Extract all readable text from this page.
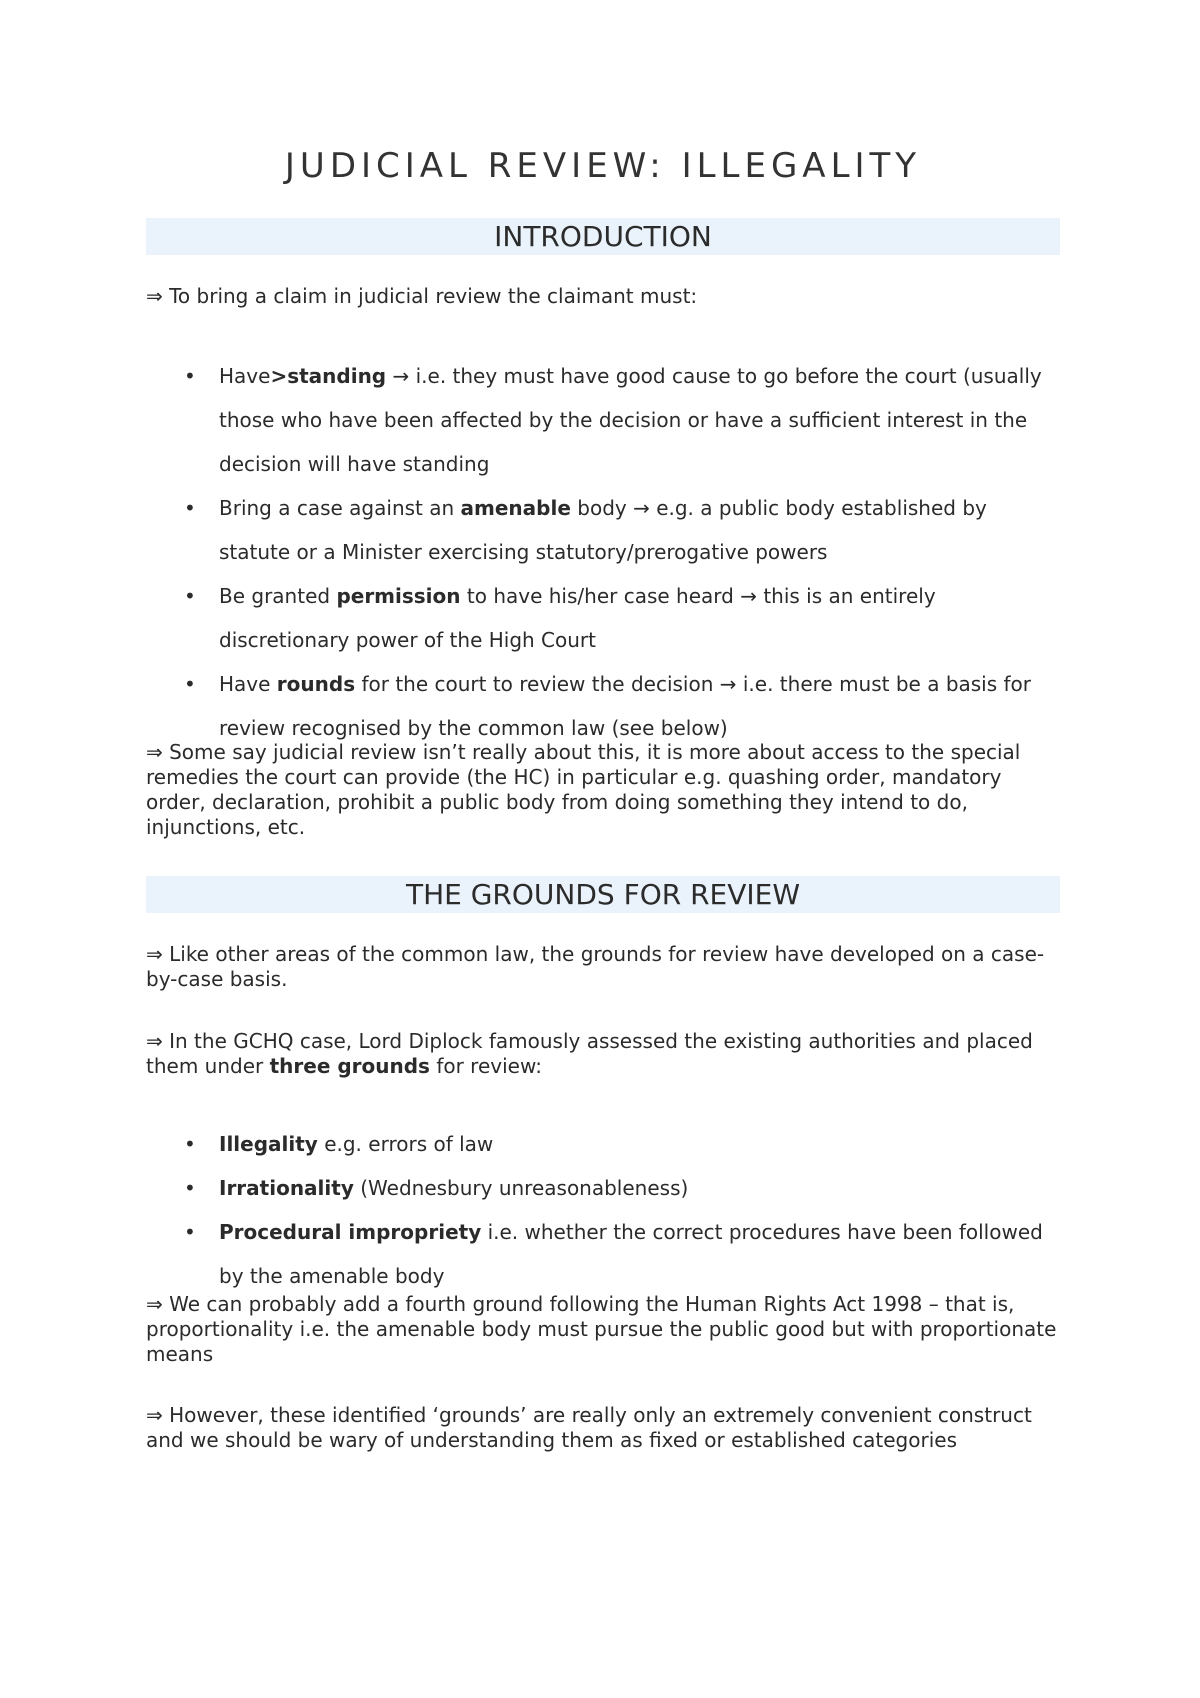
JUDICIAL REVIEW: ILLEGALITY
INTRODUCTION

⇒ To bring a claim in judicial review the claimant must:

• Have>standing → i.e. they must have good cause to go before the court (usually those who have been affected by the decision or have a sufficient interest in the decision will have standing
• Bring a case against an amenable body → e.g. a public body established by statute or a Minister exercising statutory/prerogative powers
• Be granted permission to have his/her case heard → this is an entirely discretionary power of the High Court
• Have rounds for the court to review the decision → i.e. there must be a basis for review recognised by the common law (see below)

⇒ Some say judicial review isn’t really about this, it is more about access to the special remedies the court can provide (the HC) in particular e.g. quashing order, mandatory order, declaration, prohibit a public body from doing something they intend to do, injunctions, etc.

THE GROUNDS FOR REVIEW

⇒ Like other areas of the common law, the grounds for review have developed on a case-by-case basis.

⇒ In the GCHQ case, Lord Diplock famously assessed the existing authorities and placed them under three grounds for review:

• Illegality e.g. errors of law
• Irrationality (Wednesbury unreasonableness)
• Procedural impropriety i.e. whether the correct procedures have been followed by the amenable body

⇒ We can probably add a fourth ground following the Human Rights Act 1998 – that is, proportionality i.e. the amenable body must pursue the public good but with proportionate means

⇒ However, these identified ‘grounds’ are really only an extremely convenient construct and we should be wary of understanding them as fixed or established categories
